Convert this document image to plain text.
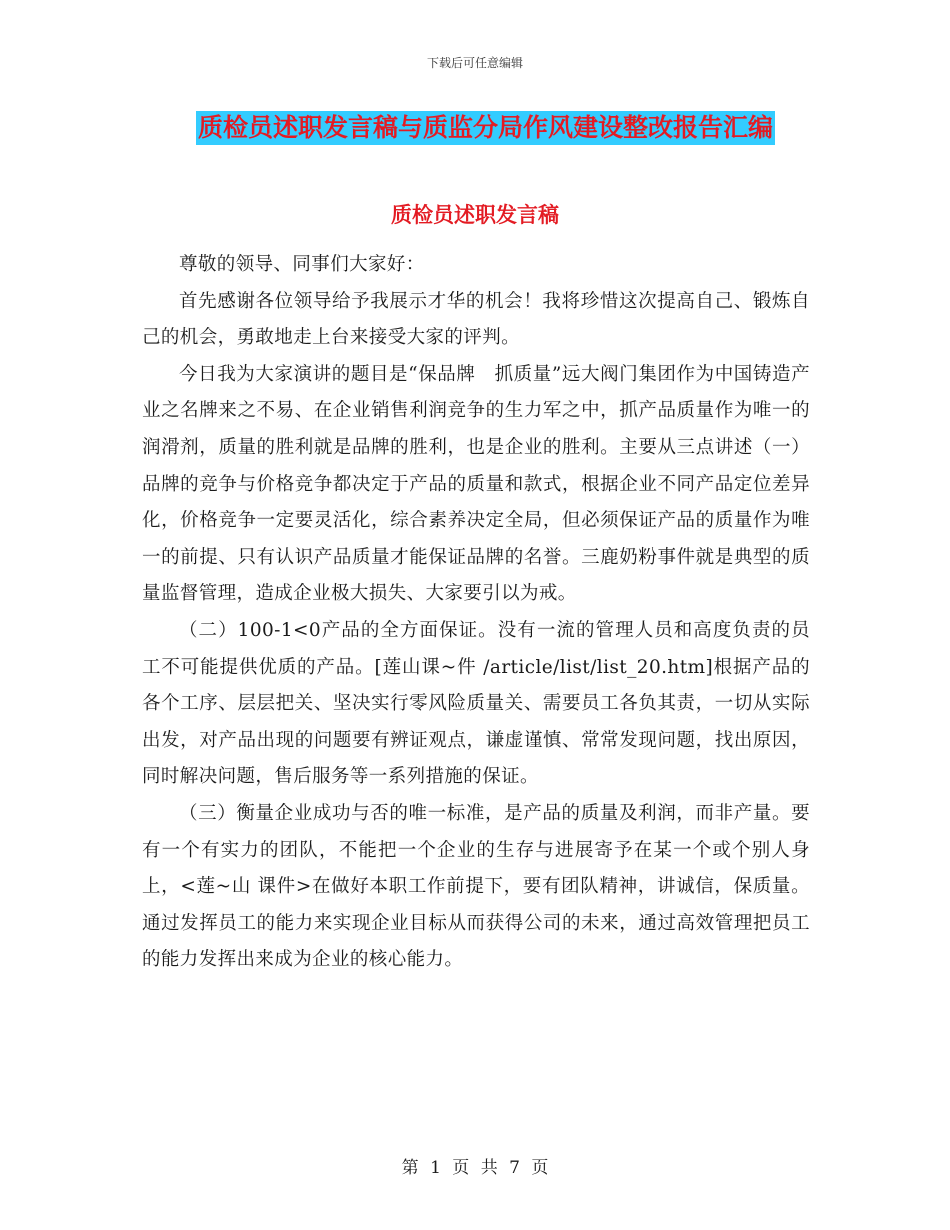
下载后可任意编辑
质检员述职发言稿与质监分局作风建设整改报告汇编
质检员述职发言稿

尊敬的领导、同事们大家好：

首先感谢各位领导给予我展示才华的机会！我将珍惜这次提高自己、锻炼自己的机会，勇敢地走上台来接受大家的评判。

今日我为大家演讲的题目是“保品牌　抓质量”远大阀门集团作为中国铸造产业之名牌来之不易、在企业销售利润竞争的生力军之中，抓产品质量作为唯一的润滑剂，质量的胜利就是品牌的胜利，也是企业的胜利。主要从三点讲述（一）品牌的竞争与价格竞争都决定于产品的质量和款式，根据企业不同产品定位差异化，价格竞争一定要灵活化，综合素养决定全局，但必须保证产品的质量作为唯一的前提、只有认识产品质量才能保证品牌的名誉。三鹿奶粉事件就是典型的质量监督管理，造成企业极大损失、大家要引以为戒。

（二）100-1<0产品的全方面保证。没有一流的管理人员和高度负责的员工不可能提供优质的产品。[莲山课~件 /article/list/list_20.htm]根据产品的各个工序、层层把关、坚决实行零风险质量关、需要员工各负其责，一切从实际出发，对产品出现的问题要有辨证观点，谦虚谨慎、常常发现问题，找出原因，同时解决问题，售后服务等一系列措施的保证。

（三）衡量企业成功与否的唯一标准，是产品的质量及利润，而非产量。要有一个有实力的团队，不能把一个企业的生存与进展寄予在某一个或个别人身上，<莲~山 课件>在做好本职工作前提下，要有团队精神，讲诚信，保质量。通过发挥员工的能力来实现企业目标从而获得公司的未来，通过高效管理把员工的能力发挥出来成为企业的核心能力。

第 1 页 共 7 页
